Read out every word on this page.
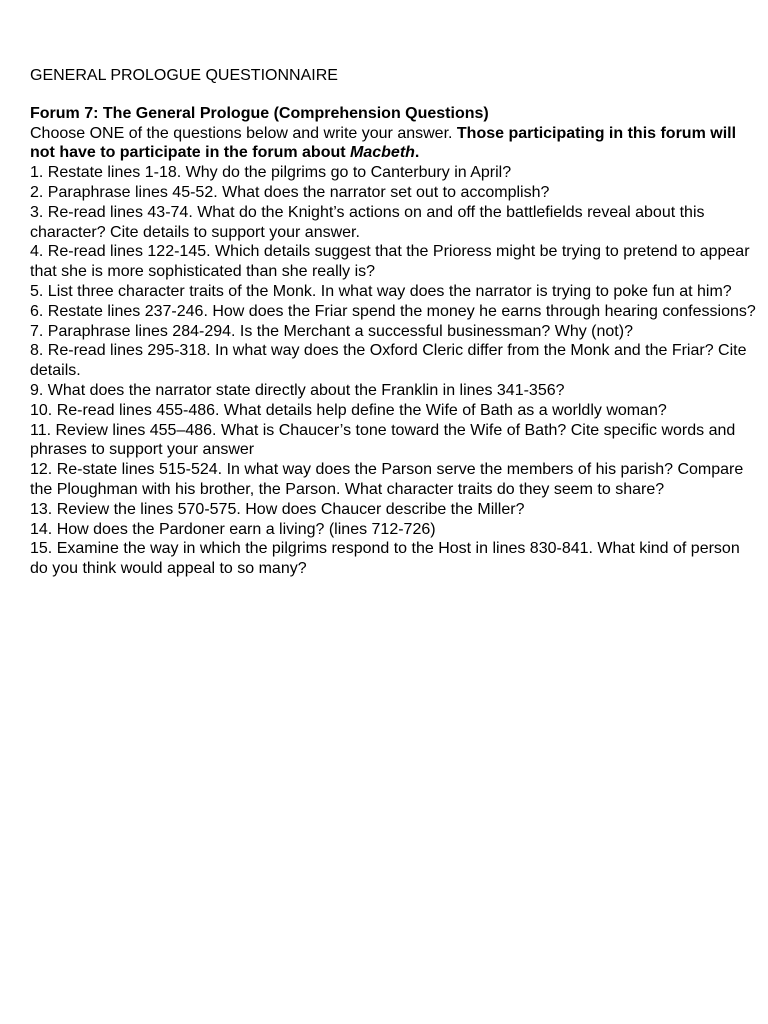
GENERAL PROLOGUE QUESTIONNAIRE
Forum 7: The General Prologue (Comprehension Questions)

Choose ONE of the questions below and write your answer. Those participating in this forum will not have to participate in the forum about Macbeth.

1. Restate lines 1-18. Why do the pilgrims go to Canterbury in April?
2. Paraphrase lines 45-52. What does the narrator set out to accomplish?
3. Re-read lines 43-74. What do the Knight’s actions on and off the battlefields reveal about this character? Cite details to support your answer.
4. Re-read lines 122-145. Which details suggest that the Prioress might be trying to pretend to appear that she is more sophisticated than she really is?
5. List three character traits of the Monk. In what way does the narrator is trying to poke fun at him?
6. Restate lines 237-246. How does the Friar spend the money he earns through hearing confessions?
7. Paraphrase lines 284-294. Is the Merchant a successful businessman? Why (not)?
8. Re-read lines 295-318. In what way does the Oxford Cleric differ from the Monk and the Friar? Cite details.
9. What does the narrator state directly about the Franklin in lines 341-356?
10. Re-read lines 455-486. What details help define the Wife of Bath as a worldly woman?
11. Review lines 455–486. What is Chaucer’s tone toward the Wife of Bath? Cite specific words and phrases to support your answer
12. Re-state lines 515-524. In what way does the Parson serve the members of his parish? Compare the Ploughman with his brother, the Parson. What character traits do they seem to share?
13. Review the lines 570-575. How does Chaucer describe the Miller?
14. How does the Pardoner earn a living? (lines 712-726)
15. Examine the way in which the pilgrims respond to the Host in lines 830-841. What kind of person do you think would appeal to so many?
